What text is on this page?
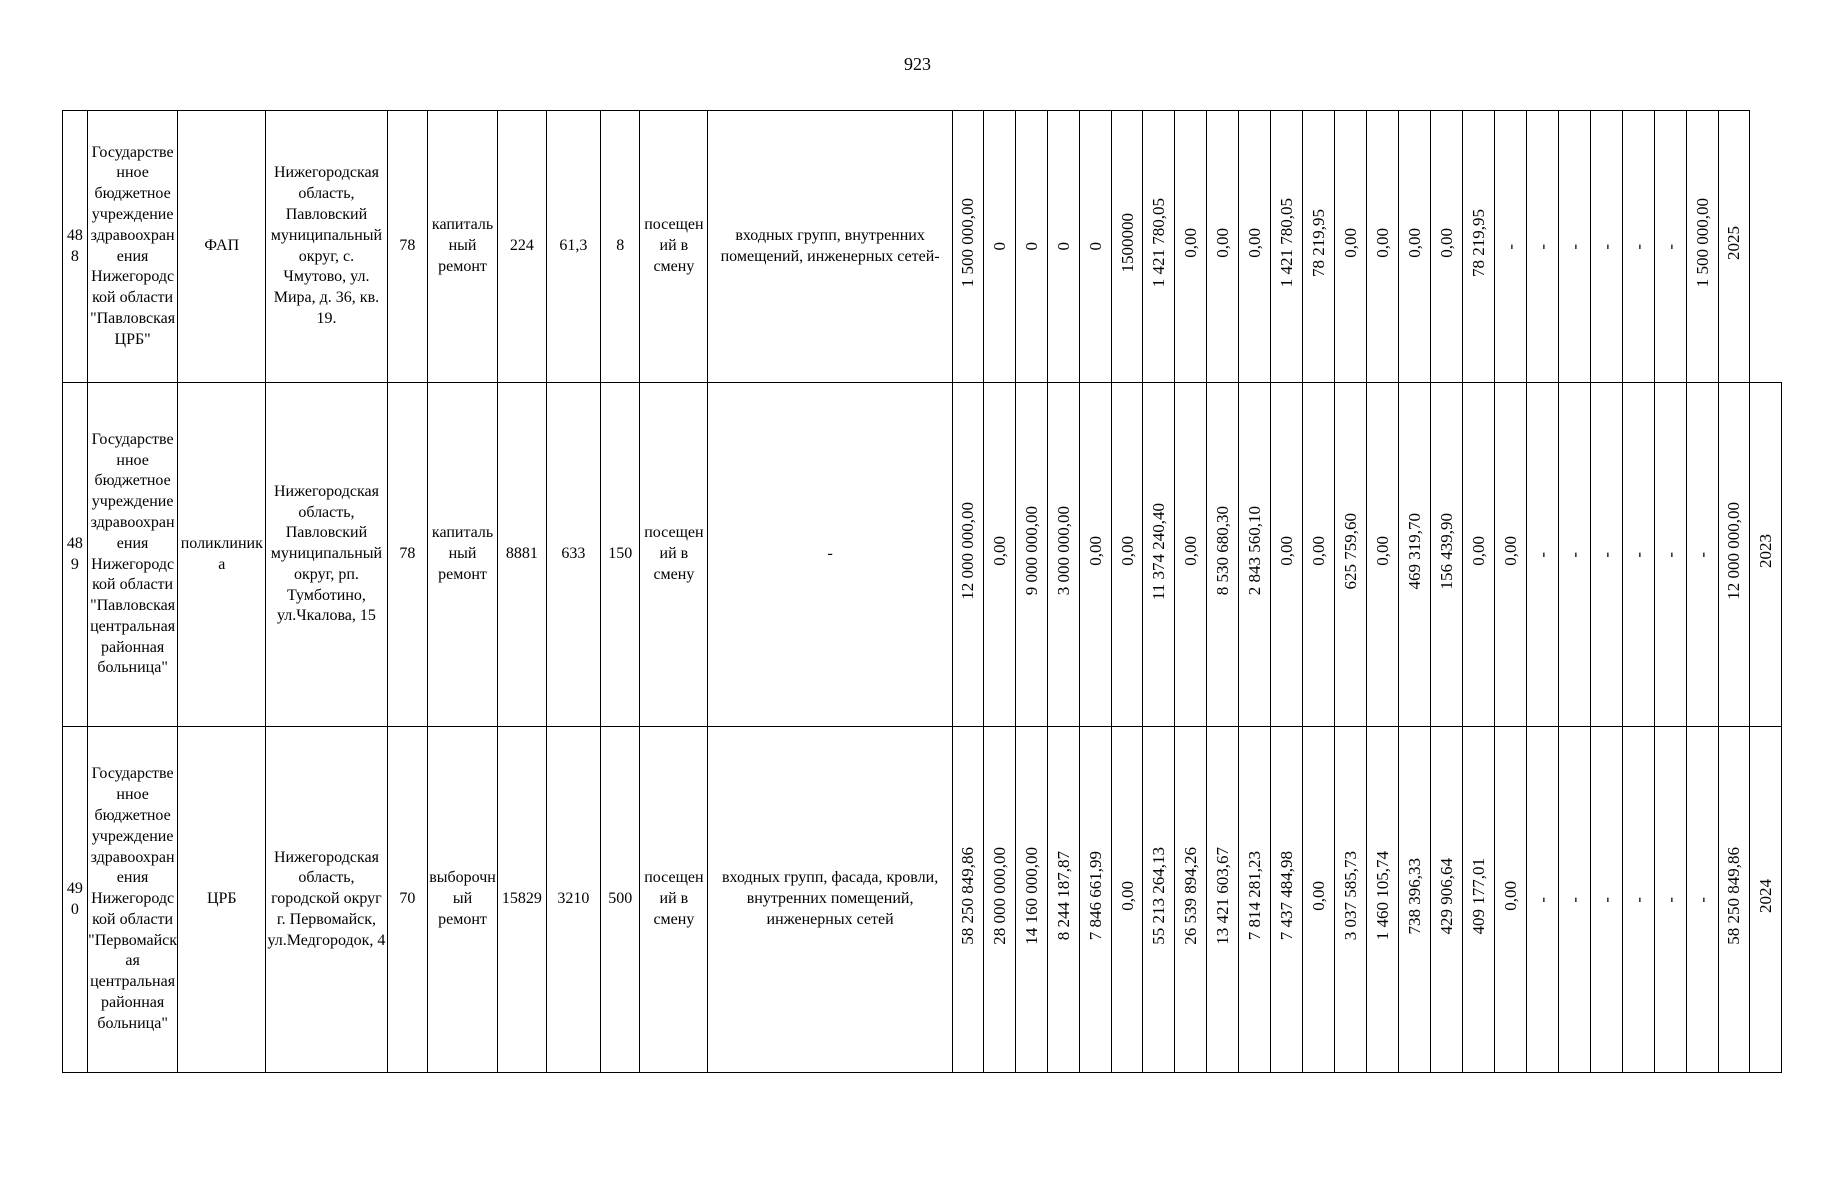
923
488	Государственное бюджетное учреждение здравоохранения Нижегородской области "Павловская ЦРБ"	ФАП	Нижегородская область, Павловский муниципальный округ, с. Чмутово, ул. Мира, д. 36, кв. 19.	78	капитальный ремонт	224	61,3	8	посещений в смену	входных групп, внутренних помещений, инженерных сетей-	1 500 000,00	0	0	0	0	1500000	1 421 780,05	0,00	0,00	0,00	1 421 780,05	78 219,95	0,00	0,00	0,00	0,00	78 219,95	-	-	-	-	-	-	1 500 000,00	2025	
489	Государственное бюджетное учреждение здравоохранения Нижегородской области "Павловская центральная районная больница"	поликлиника	Нижегородская область, Павловский муниципальный округ, рп. Тумботино, ул.Чкалова, 15	78	капитальный ремонт	8881	633	150	посещений в смену	-	12 000 000,00	0,00	9 000 000,00	3 000 000,00	0,00	0,00	11 374 240,40	0,00	8 530 680,30	2 843 560,10	0,00	0,00	625 759,60	0,00	469 319,70	156 439,90	0,00	0,00	-	-	-	-	-	-	12 000 000,00	2023
490	Государственное бюджетное учреждение здравоохранения Нижегородской области "Первомайская центральная районная больница"	ЦРБ	Нижегородская область, городской округ г. Первомайск, ул.Медгородок, 4	70	выборочный ремонт	15829	3210	500	посещений в смену	входных групп, фасада, кровли, внутренних помещений, инженерных сетей	58 250 849,86	28 000 000,00	14 160 000,00	8 244 187,87	7 846 661,99	0,00	55 213 264,13	26 539 894,26	13 421 603,67	7 814 281,23	7 437 484,98	0,00	3 037 585,73	1 460 105,74	738 396,33	429 906,64	409 177,01	0,00	-	-	-	-	-	-	58 250 849,86	2024
